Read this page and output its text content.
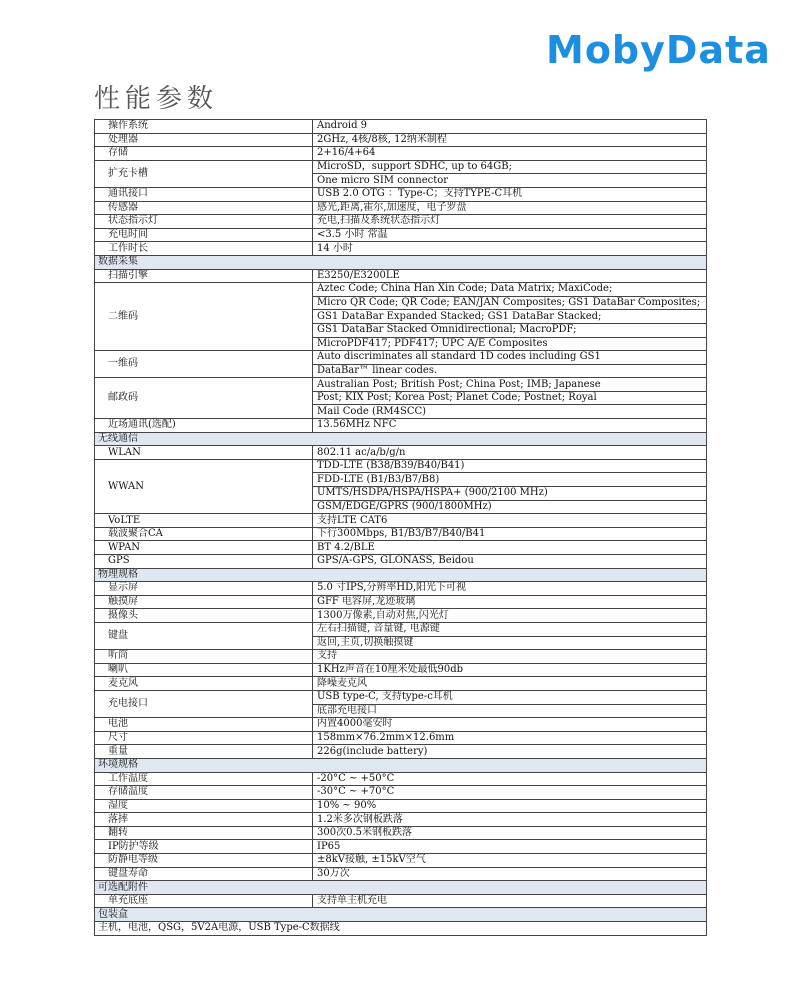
MobyData
性能参数
操作系统	Android 9
处理器	2GHz, 4核/8核, 12纳米制程
存储	2+16/4+64
扩充卡槽	MicroSD，support SDHC, up to 64GB;
	One micro SIM connector
通讯接口	USB 2.0 OTG ：Type-C；支持TYPE-C耳机
传感器	感光,距离,霍尔,加速度，电子罗盘
状态指示灯	充电,扫描及系统状态指示灯
充电时间	<3.5 小时 常温
工作时长	14 小时
数据采集	
扫描引擎	E3250/E3200LE
二维码	Aztec Code; China Han Xin Code; Data Matrix; MaxiCode;
	Micro QR Code; QR Code; EAN/JAN Composites; GS1 DataBar Composites;
	GS1 DataBar Expanded Stacked; GS1 DataBar Stacked;
	GS1 DataBar Stacked Omnidirectional; MacroPDF;
	MicroPDF417; PDF417; UPC A/E Composites
一维码	Auto discriminates all standard 1D codes including GS1
	DataBar™ linear codes.
邮政码	Australian Post; British Post; China Post; IMB; Japanese
	Post; KIX Post; Korea Post; Planet Code; Postnet; Royal
	Mail Code (RM4SCC)
近场通讯(选配)	13.56MHz NFC
无线通信	
WLAN	802.11 ac/a/b/g/n
WWAN	TDD-LTE (B38/B39/B40/B41)
	FDD-LTE (B1/B3/B7/B8)
	UMTS/HSDPA/HSPA/HSPA+ (900/2100 MHz)
	GSM/EDGE/GPRS (900/1800MHz)
VoLTE	支持LTE CAT6
载波聚合CA	下行300Mbps, B1/B3/B7/B40/B41
WPAN	BT 4.2/BLE
GPS	GPS/A-GPS, GLONASS, Beidou
物理规格	
显示屏	5.0 寸IPS,分辨率HD,阳光下可视
触摸屏	GFF 电容屏,龙迹玻璃
摄像头	1300万像素,自动对焦,闪光灯
键盘	左右扫描键, 音量键, 电源键
	返回,主页,切换触摸键
听筒	支持
喇叭	1KHz声音在10厘米处最低90db
麦克风	降噪麦克风
充电接口	USB type-C, 支持type-c耳机
	底部充电接口
电池	内置4000毫安时
尺寸	158mm×76.2mm×12.6mm
重量	226g(include battery)
环境规格	
工作温度	-20°C ~ +50°C
存储温度	-30°C ~ +70°C
湿度	10% ~ 90%
落摔	1.2米多次钢板跌落
翻转	300次0.5米钢板跌落
IP防护等级	IP65
防静电等级	±8kV接触, ±15kV空气
键盘寿命	30万次
可选配附件	
单充底座	支持单主机充电
包装盒	
主机，电池，QSG，5V2A电源，USB Type-C数据线	
